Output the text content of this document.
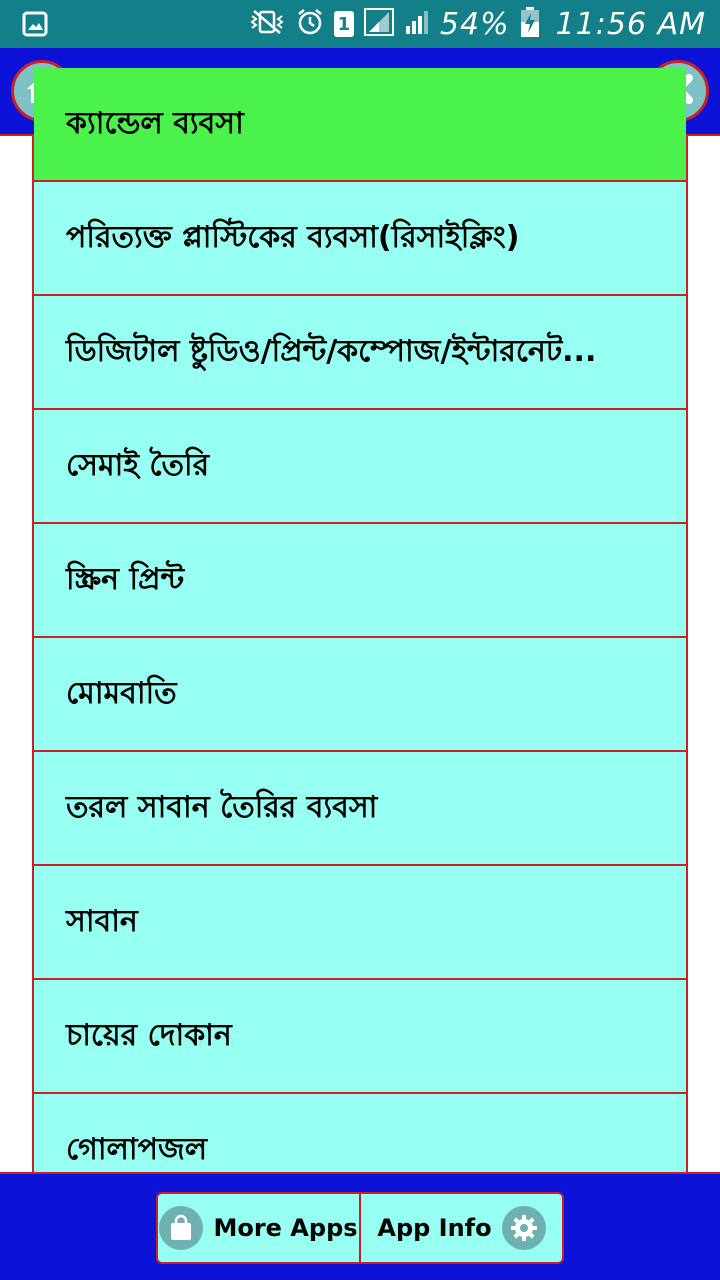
1	54% 11:56 AM
ক্যান্ডেল ব্যবসা
পরিত্যক্ত প্লাস্টিকের ব্যবসা(রিসাইক্লিং)
ডিজিটাল ষ্টুডিও/প্রিন্ট/কম্পোজ/ইন্টারনেট...
সেমাই তৈরি
স্ক্রিন প্রিন্ট
মোমবাতি
তরল সাবান তৈরির ব্যবসা
সাবান
চায়ের দোকান
গোলাপজল
More Apps App Info
